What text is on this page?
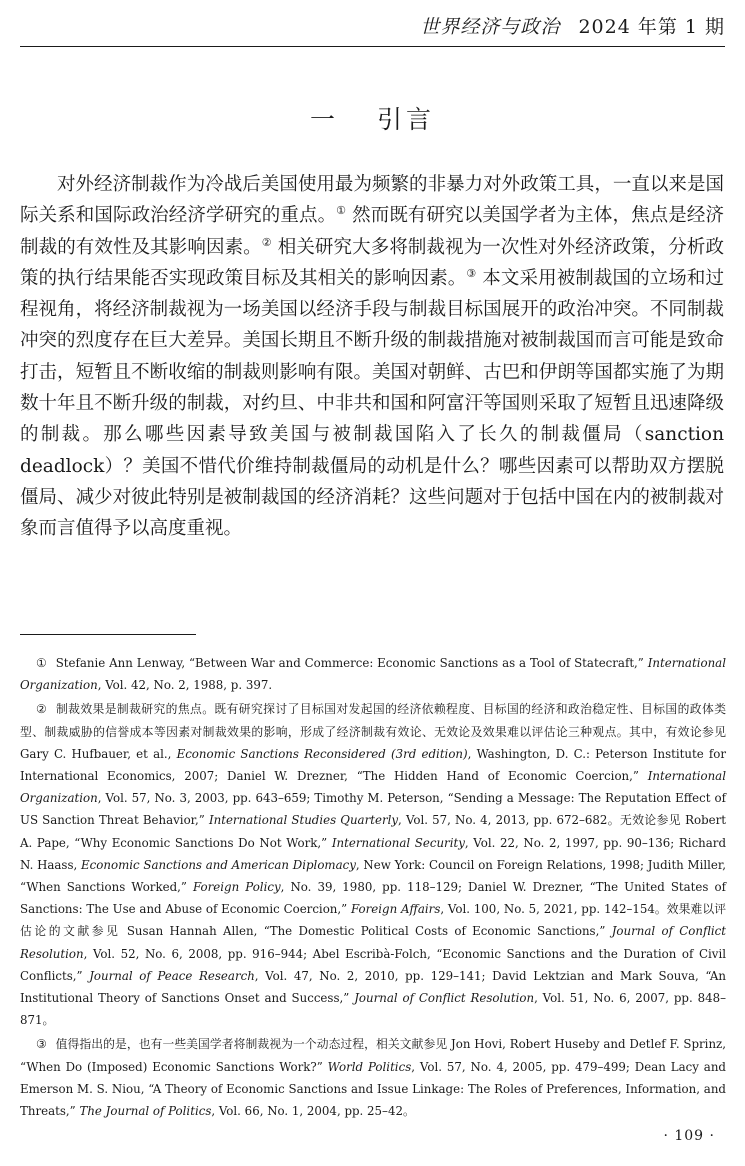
世界经济与政治 2024 年第 1 期
一 引言

对外经济制裁作为冷战后美国使用最为频繁的非暴力对外政策工具，一直以来是国际关系和国际政治经济学研究的重点。① 然而既有研究以美国学者为主体，焦点是经济制裁的有效性及其影响因素。② 相关研究大多将制裁视为一次性对外经济政策，分析政策的执行结果能否实现政策目标及其相关的影响因素。③ 本文采用被制裁国的立场和过程视角，将经济制裁视为一场美国以经济手段与制裁目标国展开的政治冲突。不同制裁冲突的烈度存在巨大差异。美国长期且不断升级的制裁措施对被制裁国而言可能是致命打击，短暂且不断收缩的制裁则影响有限。美国对朝鲜、古巴和伊朗等国都实施了为期数十年且不断升级的制裁，对约旦、中非共和国和阿富汗等国则采取了短暂且迅速降级的制裁。那么哪些因素导致美国与被制裁国陷入了长久的制裁僵局（sanction deadlock）？美国不惜代价维持制裁僵局的动机是什么？哪些因素可以帮助双方摆脱僵局、减少对彼此特别是被制裁国的经济消耗？这些问题对于包括中国在内的被制裁对象而言值得予以高度重视。

① Stefanie Ann Lenway, “Between War and Commerce: Economic Sanctions as a Tool of Statecraft,” International Organization, Vol. 42, No. 2, 1988, p. 397.

② 制裁效果是制裁研究的焦点。既有研究探讨了目标国对发起国的经济依赖程度、目标国的经济和政治稳定性、目标国的政体类型、制裁威胁的信誉成本等因素对制裁效果的影响，形成了经济制裁有效论、无效论及效果难以评估论三种观点。其中，有效论参见 Gary C. Hufbauer, et al., Economic Sanctions Reconsidered (3rd edition), Washington, D. C.: Peterson Institute for International Economics, 2007; Daniel W. Drezner, “The Hidden Hand of Economic Coercion,” International Organization, Vol. 57, No. 3, 2003, pp. 643–659; Timothy M. Peterson, “Sending a Message: The Reputation Effect of US Sanction Threat Behavior,” International Studies Quarterly, Vol. 57, No. 4, 2013, pp. 672–682。无效论参见 Robert A. Pape, “Why Economic Sanctions Do Not Work,” International Security, Vol. 22, No. 2, 1997, pp. 90–136; Richard N. Haass, Economic Sanctions and American Diplomacy, New York: Council on Foreign Relations, 1998; Judith Miller, “When Sanctions Worked,” Foreign Policy, No. 39, 1980, pp. 118–129; Daniel W. Drezner, “The United States of Sanctions: The Use and Abuse of Economic Coercion,” Foreign Affairs, Vol. 100, No. 5, 2021, pp. 142–154。效果难以评估论的文献参见 Susan Hannah Allen, “The Domestic Political Costs of Economic Sanctions,” Journal of Conflict Resolution, Vol. 52, No. 6, 2008, pp. 916–944; Abel Escribà-Folch, “Economic Sanctions and the Duration of Civil Conflicts,” Journal of Peace Research, Vol. 47, No. 2, 2010, pp. 129–141; David Lektzian and Mark Souva, “An Institutional Theory of Sanctions Onset and Success,” Journal of Conflict Resolution, Vol. 51, No. 6, 2007, pp. 848–871。

③ 值得指出的是，也有一些美国学者将制裁视为一个动态过程，相关文献参见 Jon Hovi, Robert Huseby and Detlef F. Sprinz, “When Do (Imposed) Economic Sanctions Work?” World Politics, Vol. 57, No. 4, 2005, pp. 479–499; Dean Lacy and Emerson M. S. Niou, “A Theory of Economic Sanctions and Issue Linkage: The Roles of Preferences, Information, and Threats,” The Journal of Politics, Vol. 66, No. 1, 2004, pp. 25–42。

· 109 ·
